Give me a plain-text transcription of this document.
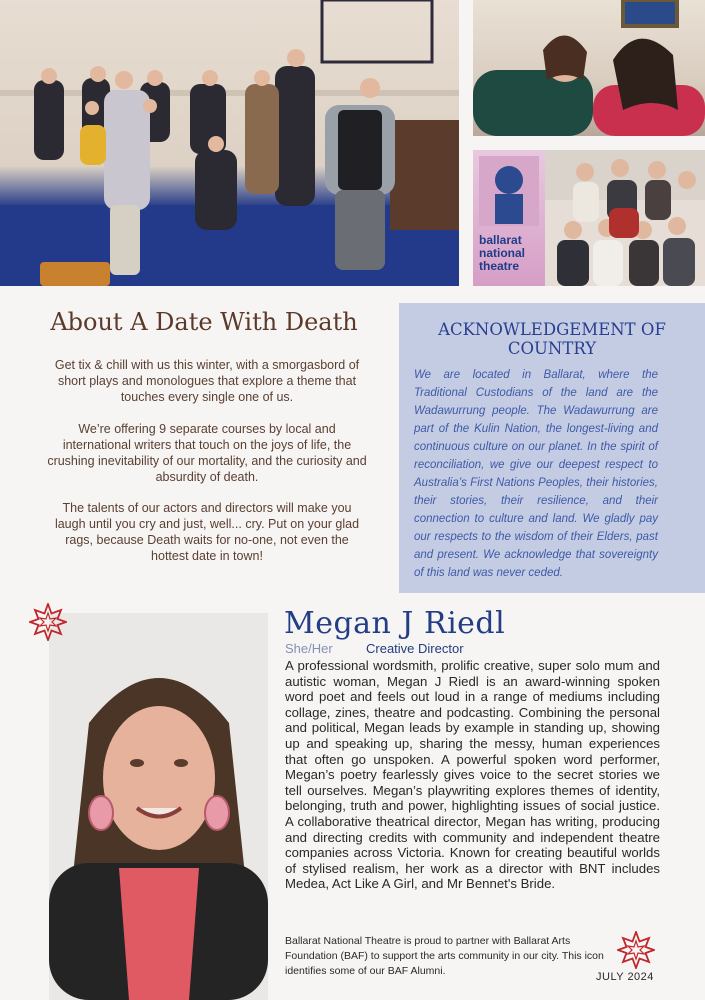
ballarat national theatre
About A Date With Death

Get tix & chill with us this winter, with a smorgasbord of short plays and monologues that explore a theme that touches every single one of us.

We’re offering 9 separate courses by local and international writers that touch on the joys of life, the crushing inevitability of our mortality, and the curiosity and absurdity of death.

The talents of our actors and directors will make you laugh until you cry and just, well... cry. Put on your glad rags, because Death waits for no-one, not even the hottest date in town!

ACKNOWLEDGEMENT OF COUNTRY

We are located in Ballarat, where the Traditional Custodians of the land are the Wadawurrung people. The Wadawurrung are part of the Kulin Nation, the longest-living and continuous culture on our planet. In the spirit of reconciliation, we give our deepest respect to Australia’s First Nations Peoples, their histories, their stories, their resilience, and their connection to culture and land. We gladly pay our respects to the wisdom of their Elders, past and present. We acknowledge that sovereignty of this land was never ceded.

Megan J Riedl
She/Her	Creative Director

A professional wordsmith, prolific creative, super solo mum and autistic woman, Megan J Riedl is an award-winning spoken word poet and feels out loud in a range of mediums including collage, zines, theatre and podcasting. Combining the personal and political, Megan leads by example in standing up, showing up and speaking up, sharing the messy, human experiences that often go unspoken. A powerful spoken word performer, Megan’s poetry fearlessly gives voice to the secret stories we tell ourselves. Megan’s playwriting explores themes of identity, belonging, truth and power, highlighting issues of social justice. A collaborative theatrical director, Megan has writing, producing and directing credits with community and independent theatre companies across Victoria. Known for creating beautiful worlds of stylised realism, her work as a director with BNT includes Medea, Act Like A Girl, and Mr Bennet's Bride.

Ballarat National Theatre is proud to partner with Ballarat Arts Foundation (BAF) to support the arts community in our city. This icon identifies some of our BAF Alumni.	JULY 2024
